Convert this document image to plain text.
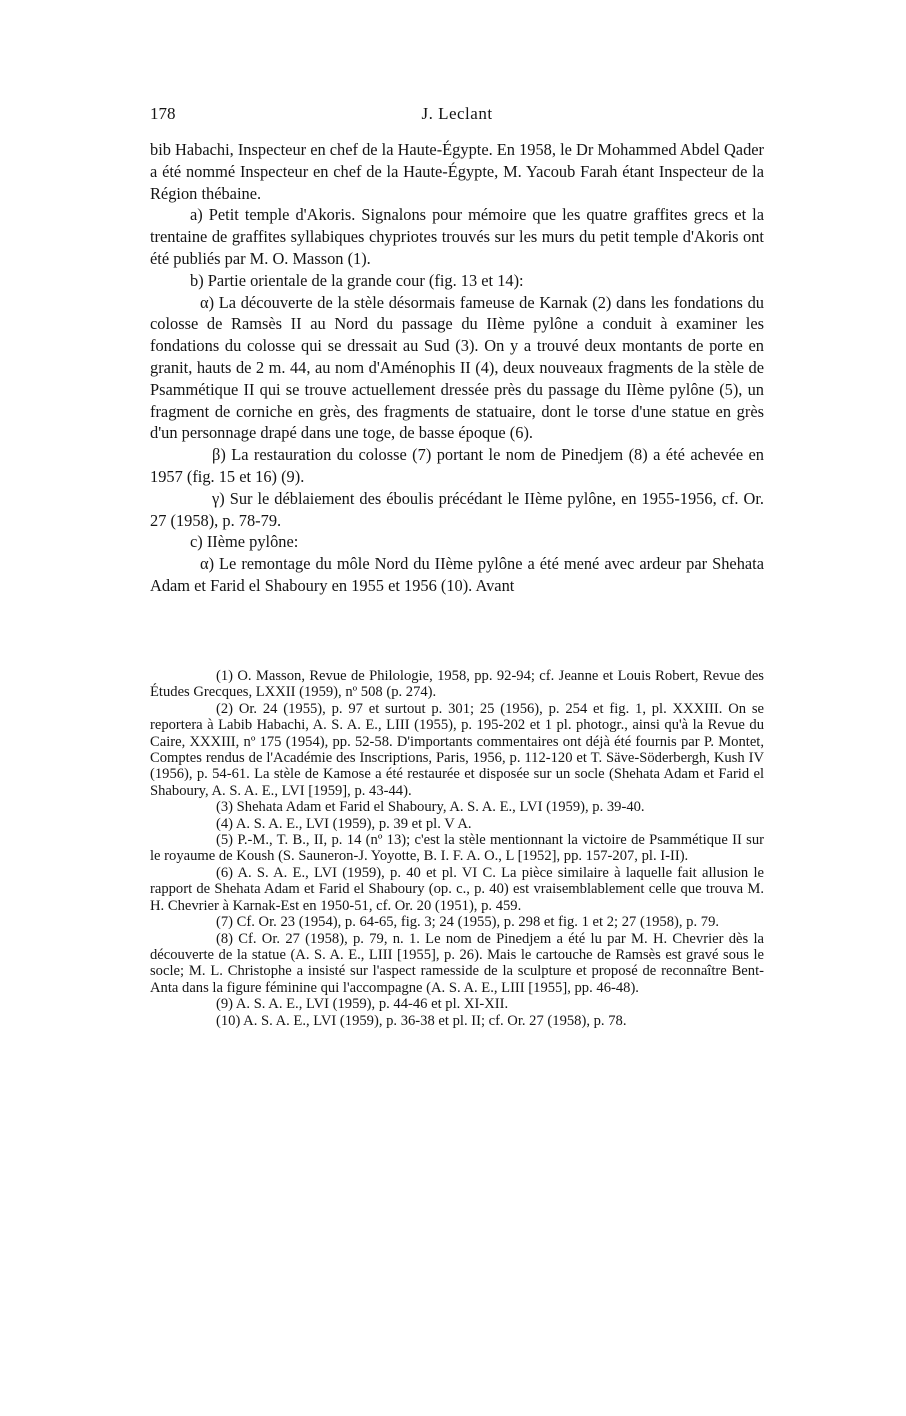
178	J. Leclant

bib Habachi, Inspecteur en chef de la Haute-Égypte. En 1958, le Dr Mohammed Abdel Qader a été nommé Inspecteur en chef de la Haute-Égypte, M. Yacoub Farah étant Inspecteur de la Région thébaine.

a) Petit temple d'Akoris. Signalons pour mémoire que les quatre graffites grecs et la trentaine de graffites syllabiques chypriotes trouvés sur les murs du petit temple d'Akoris ont été publiés par M. O. Masson (1).

b) Partie orientale de la grande cour (fig. 13 et 14):

α) La découverte de la stèle désormais fameuse de Karnak (2) dans les fondations du colosse de Ramsès II au Nord du passage du IIème pylône a conduit à examiner les fondations du colosse qui se dressait au Sud (3). On y a trouvé deux montants de porte en granit, hauts de 2 m. 44, au nom d'Aménophis II (4), deux nouveaux fragments de la stèle de Psammétique II qui se trouve actuellement dressée près du passage du IIème pylône (5), un fragment de corniche en grès, des fragments de statuaire, dont le torse d'une statue en grès d'un personnage drapé dans une toge, de basse époque (6).

β) La restauration du colosse (7) portant le nom de Pinedjem (8) a été achevée en 1957 (fig. 15 et 16) (9).

γ) Sur le déblaiement des éboulis précédant le IIème pylône, en 1955-1956, cf. Or. 27 (1958), p. 78-79.

c) IIème pylône:

α) Le remontage du môle Nord du IIème pylône a été mené avec ardeur par Shehata Adam et Farid el Shaboury en 1955 et 1956 (10). Avant

(1) O. Masson, Revue de Philologie, 1958, pp. 92-94; cf. Jeanne et Louis Robert, Revue des Études Grecques, LXXII (1959), nº 508 (p. 274).

(2) Or. 24 (1955), p. 97 et surtout p. 301; 25 (1956), p. 254 et fig. 1, pl. XXXIII. On se reportera à Labib Habachi, A. S. A. E., LIII (1955), p. 195-202 et 1 pl. photogr., ainsi qu'à la Revue du Caire, XXXIII, nº 175 (1954), pp. 52-58. D'importants commentaires ont déjà été fournis par P. Montet, Comptes rendus de l'Académie des Inscriptions, Paris, 1956, p. 112-120 et T. Säve-Söderbergh, Kush IV (1956), p. 54-61. La stèle de Kamose a été restaurée et disposée sur un socle (Shehata Adam et Farid el Shaboury, A. S. A. E., LVI [1959], p. 43-44).

(3) Shehata Adam et Farid el Shaboury, A. S. A. E., LVI (1959), p. 39-40.

(4) A. S. A. E., LVI (1959), p. 39 et pl. V A.

(5) P.-M., T. B., II, p. 14 (nº 13); c'est la stèle mentionnant la victoire de Psammétique II sur le royaume de Koush (S. Sauneron-J. Yoyotte, B. I. F. A. O., L [1952], pp. 157-207, pl. I-II).

(6) A. S. A. E., LVI (1959), p. 40 et pl. VI C. La pièce similaire à laquelle fait allusion le rapport de Shehata Adam et Farid el Shaboury (op. c., p. 40) est vraisemblablement celle que trouva M. H. Chevrier à Karnak-Est en 1950-51, cf. Or. 20 (1951), p. 459.

(7) Cf. Or. 23 (1954), p. 64-65, fig. 3; 24 (1955), p. 298 et fig. 1 et 2; 27 (1958), p. 79.

(8) Cf. Or. 27 (1958), p. 79, n. 1. Le nom de Pinedjem a été lu par M. H. Chevrier dès la découverte de la statue (A. S. A. E., LIII [1955], p. 26). Mais le cartouche de Ramsès est gravé sous le socle; M. L. Christophe a insisté sur l'aspect ramesside de la sculpture et proposé de reconnaître Bent-Anta dans la figure féminine qui l'accompagne (A. S. A. E., LIII [1955], pp. 46-48).

(9) A. S. A. E., LVI (1959), p. 44-46 et pl. XI-XII.

(10) A. S. A. E., LVI (1959), p. 36-38 et pl. II; cf. Or. 27 (1958), p. 78.
